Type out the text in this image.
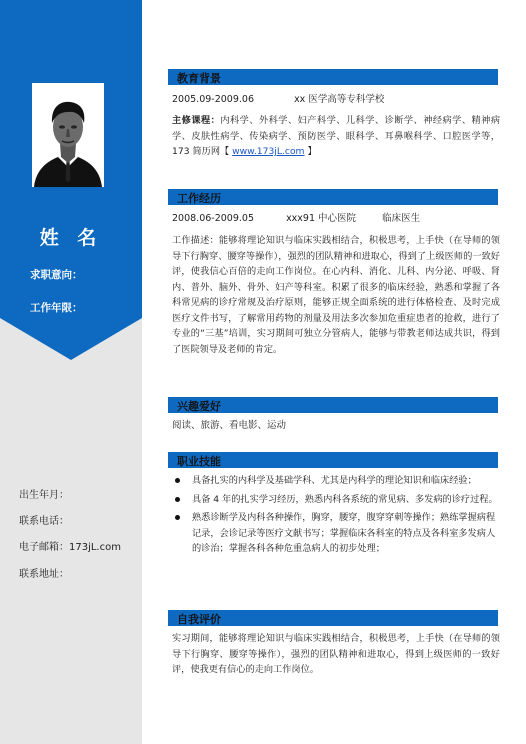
姓 名
求职意向：
工作年限：
出生年月：
联系电话：
电子邮箱：173jL.com
联系地址：
教育背景
2005.09-2009.06	xx 医学高等专科学校
主修课程：内科学、外科学、妇产科学、儿科学、诊断学、神经病学、精神病学、皮肤性病学、传染病学、预防医学、眼科学、耳鼻喉科学、口腔医学等，173 简历网【 www.173jL.com 】
工作经历
2008.06-2009.05	xxx91 中心医院	临床医生
工作描述：能够将理论知识与临床实践相结合，积极思考，上手快（在导师的领导下行胸穿、腰穿等操作），强烈的团队精神和进取心，得到了上级医师的一致好评，使我信心百倍的走向工作岗位。在心内科、消化、儿科、内分泌、呼吸、肾内、普外、脑外、骨外、妇产等科室。积累了很多的临床经验，熟悉和掌握了各科常见病的诊疗常规及治疗原则，能够正规全面系统的进行体格检查、及时完成医疗文件书写，了解常用药物的剂量及用法多次参加危重症患者的抢救，进行了专业的“三基”培训，实习期间可独立分管病人，能够与带教老师达成共识，得到了医院领导及老师的肯定。
兴趣爱好
阅读、旅游、看电影、运动
职业技能
具备扎实的内科学及基础学科、尤其是内科学的理论知识和临床经验；
具备 4 年的扎实学习经历，熟悉内科各系统的常见病、多发病的诊疗过程。
熟悉诊断学及内科各种操作，胸穿，腰穿，腹穿穿刺等操作；熟练掌握病程记录，会诊记录等医疗文献书写；掌握临床各科室的特点及各科室多发病人的诊治；掌握各科各种危重急病人的初步处理；
自我评价
实习期间，能够将理论知识与临床实践相结合，积极思考，上手快（在导师的领导下行胸穿、腰穿等操作），强烈的团队精神和进取心，得到上级医师的一致好评，使我更有信心的走向工作岗位。
